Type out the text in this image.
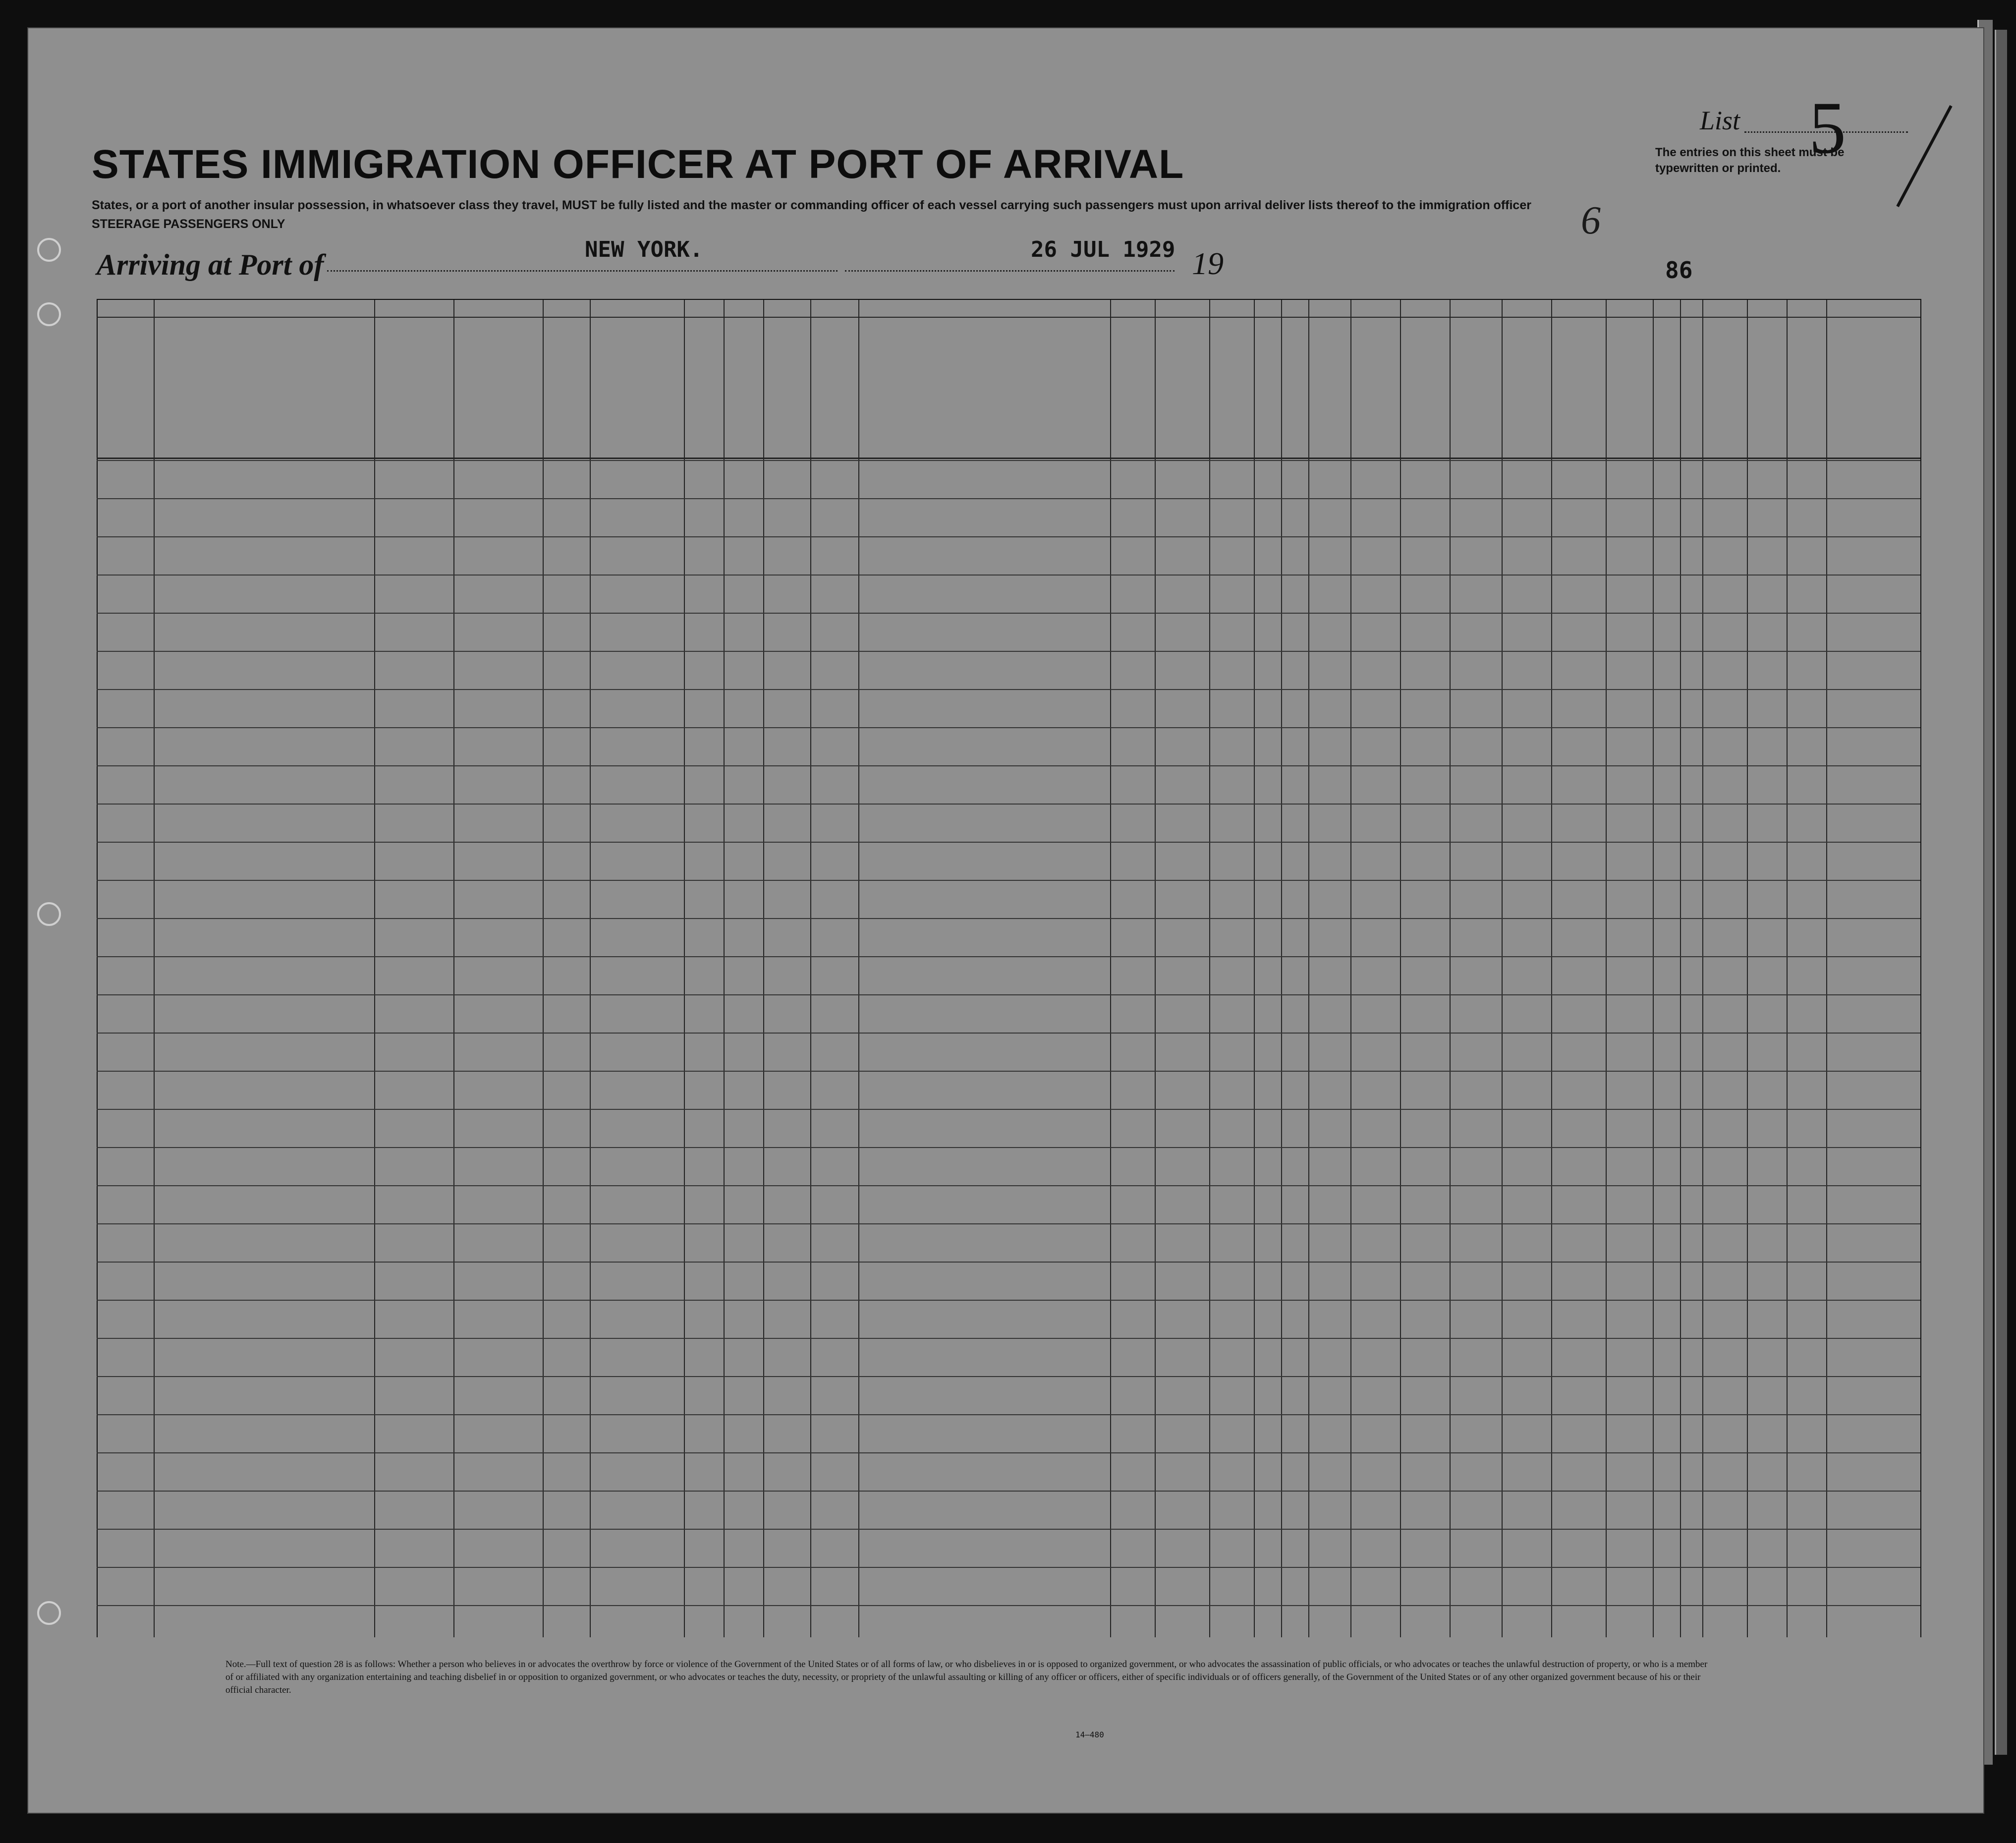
List 5
The entries on this sheet must be typewritten or printed.
STATES IMMIGRATION OFFICER AT PORT OF ARRIVAL
States, or a port of another insular possession, in whatsoever class they travel, MUST be fully listed and the master or commanding officer of each vessel carrying such passengers must upon arrival deliver lists thereof to the immigration officer
STEERAGE PASSENGERS ONLY	6
Arriving at Port of	NEW YORK.	26 JUL 1929 19	86
Note.—Full text of question 28 is as follows: Whether a person who believes in or advocates the overthrow by force or violence of the Government of the United States or of all forms of law, or who disbelieves in or is opposed to organized government, or who advocates the assassination of public officials, or who advocates or teaches the unlawful destruction of property, or who is a member of or affiliated with any organization entertaining and teaching disbelief in or opposition to organized government, or who advocates or teaches the duty, necessity, or propriety of the unlawful assaulting or killing of any officer or officers, either of specific individuals or of officers generally, of the Government of the United States or of any other organized government because of his or their official character.
14—480
